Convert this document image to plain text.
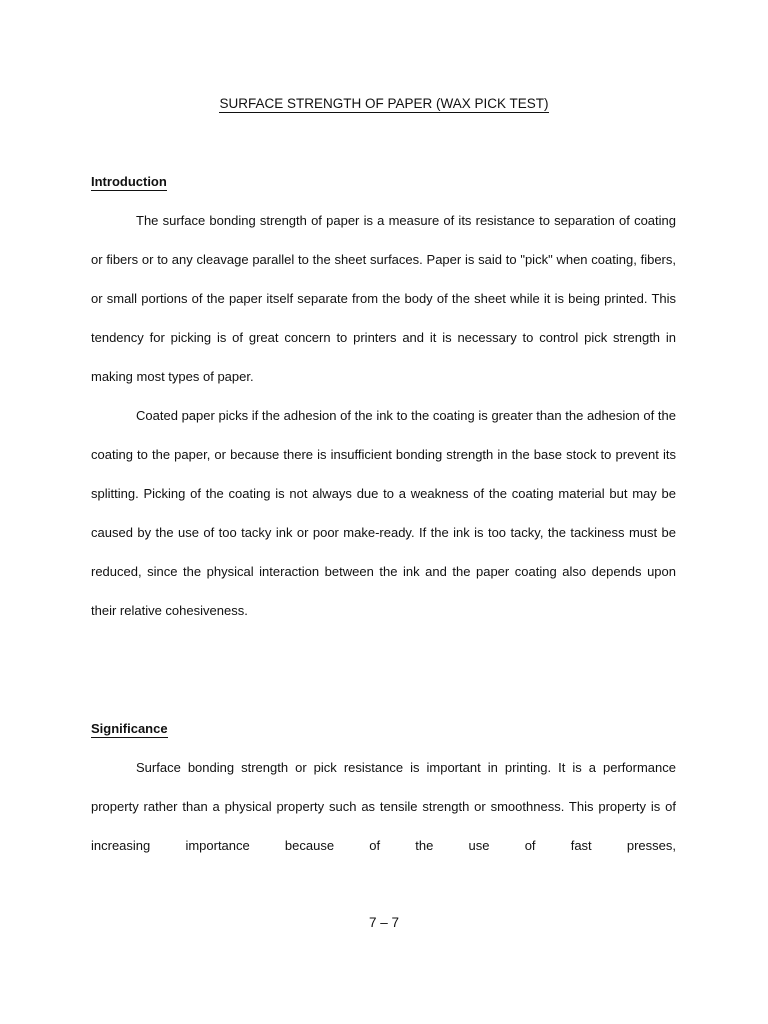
SURFACE STRENGTH OF PAPER (WAX PICK TEST)
Introduction

The surface bonding strength of paper is a measure of its resistance to separation of coating or fibers or to any cleavage parallel to the sheet surfaces. Paper is said to "pick" when coating, fibers, or small portions of the paper itself separate from the body of the sheet while it is being printed. This tendency for picking is of great concern to printers and it is necessary to control pick strength in making most types of paper.

Coated paper picks if the adhesion of the ink to the coating is greater than the adhesion of the coating to the paper, or because there is insufficient bonding strength in the base stock to prevent its splitting. Picking of the coating is not always due to a weakness of the coating material but may be caused by the use of too tacky ink or poor make-ready. If the ink is too tacky, the tackiness must be reduced, since the physical interaction between the ink and the paper coating also depends upon their relative cohesiveness.

Significance

Surface bonding strength or pick resistance is important in printing. It is a performance property rather than a physical property such as tensile strength or smoothness. This property is of increasing importance because of the use of fast presses,

7 – 7
